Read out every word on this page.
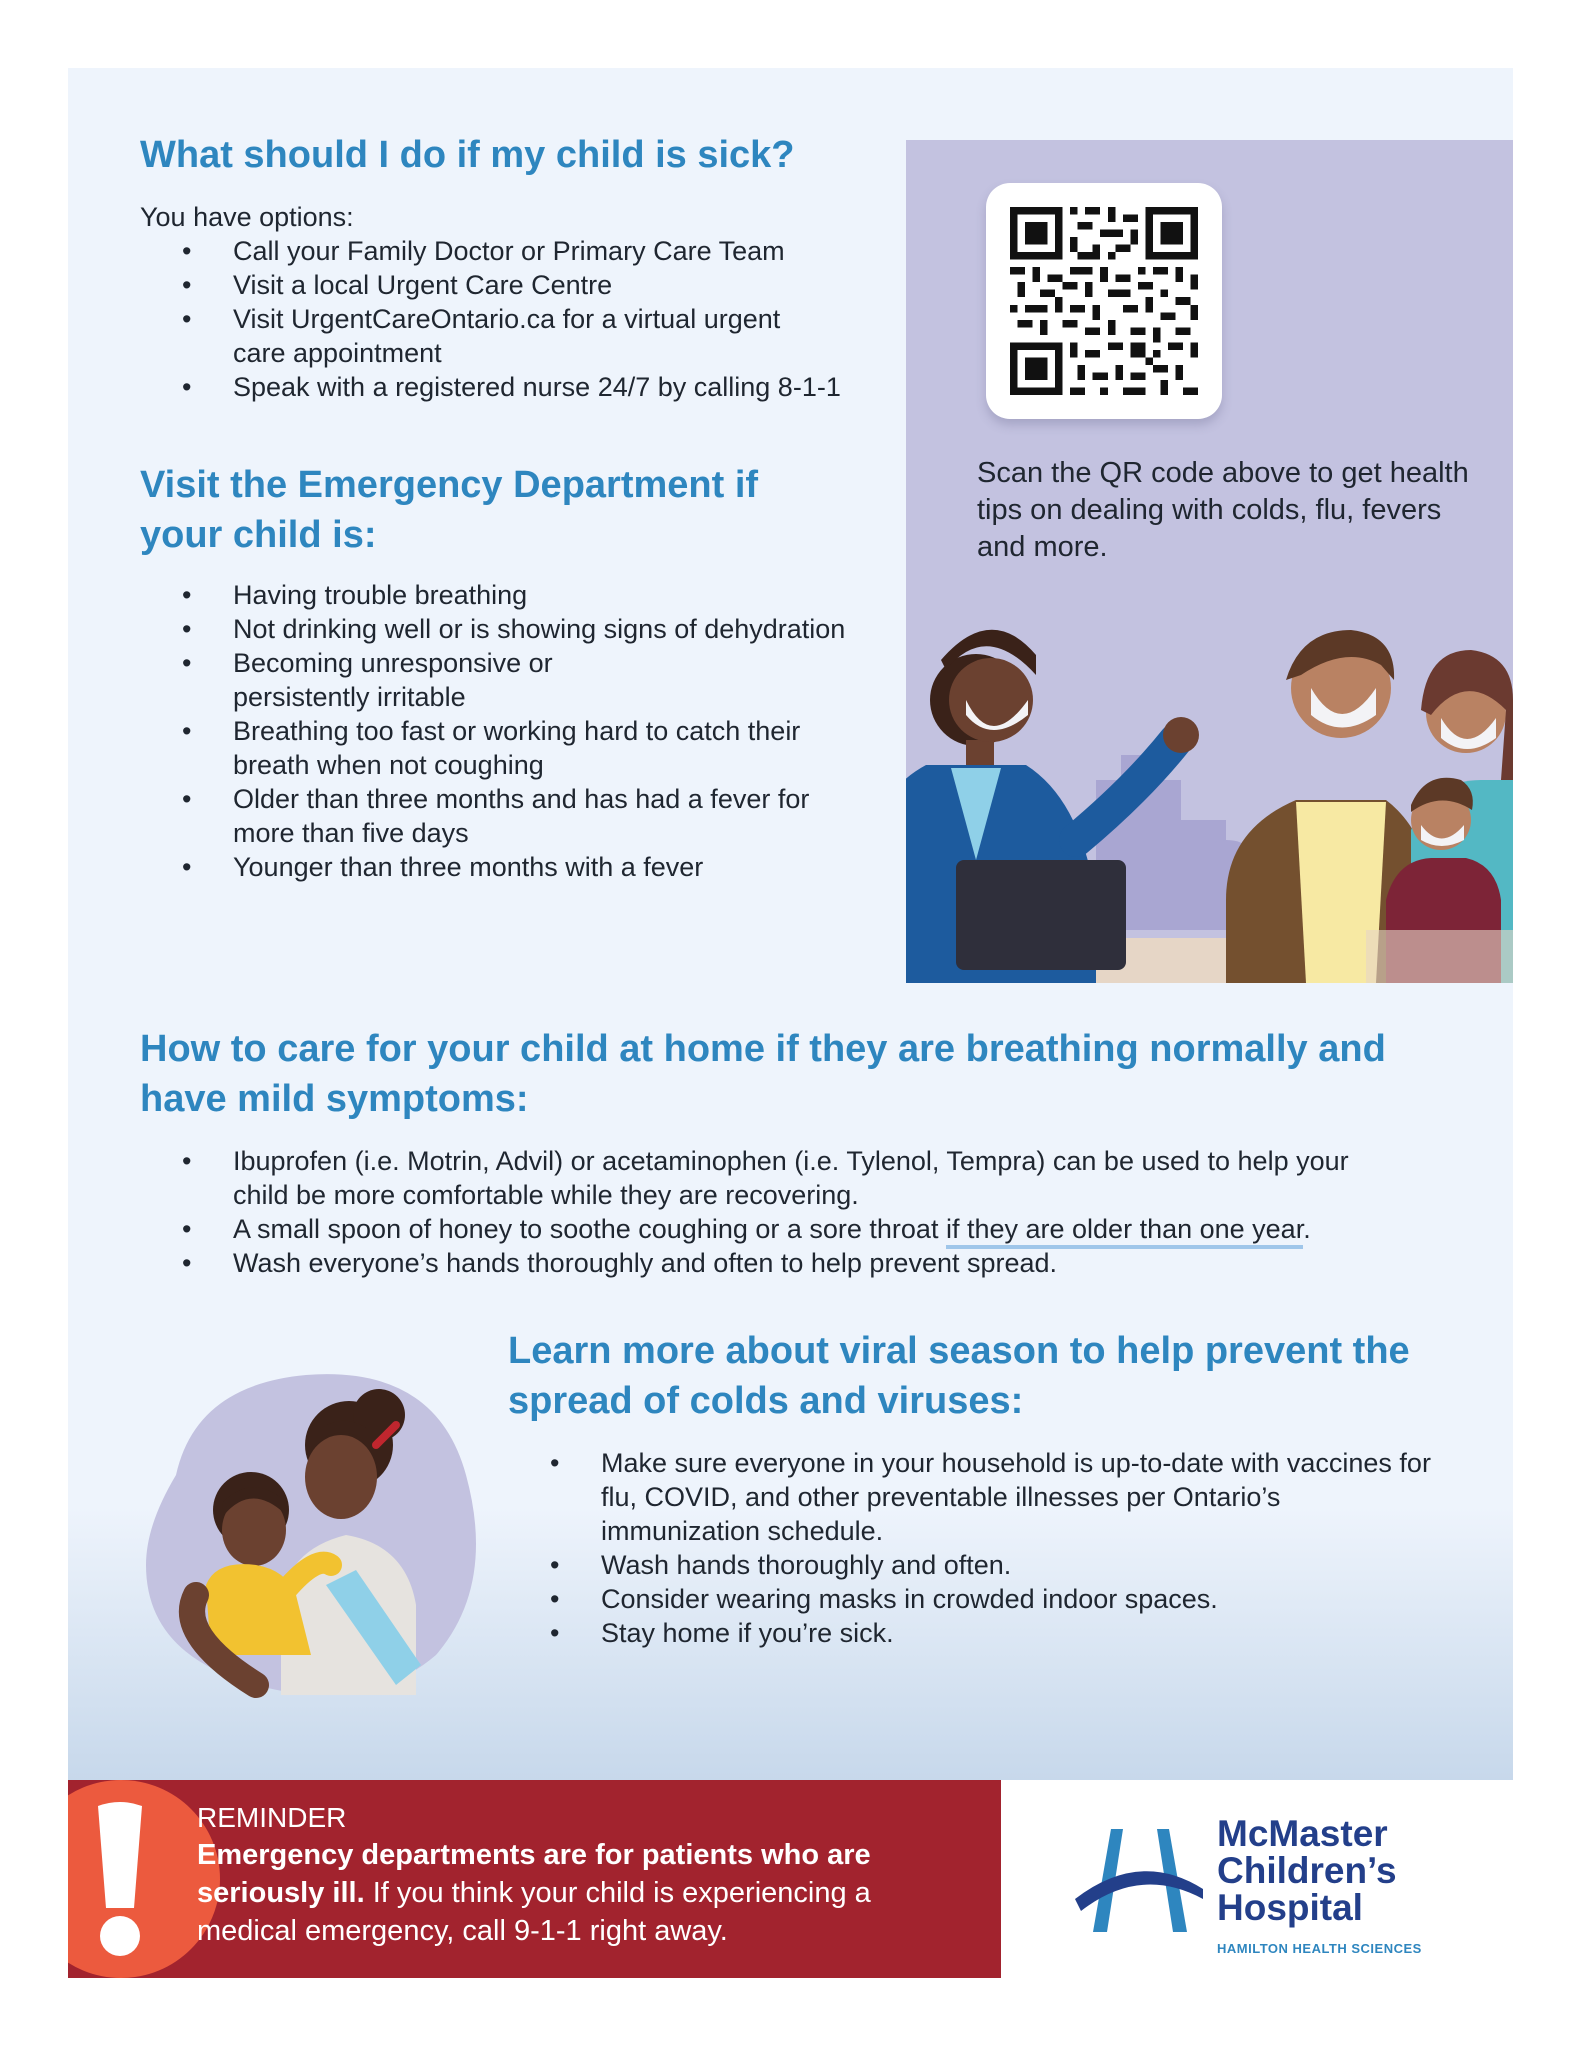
What should I do if my child is sick?

You have options:

• Call your Family Doctor or Primary Care Team
• Visit a local Urgent Care Centre
• Visit UrgentCareOntario.ca for a virtual urgent care appointment
• Speak with a registered nurse 24/7 by calling 8-1-1
Visit the Emergency Department if your child is:
• Having trouble breathing
• Not drinking well or is showing signs of dehydration
• Becoming unresponsive or persistently irritable
• Breathing too fast or working hard to catch their breath when not coughing
• Older than three months and has had a fever for more than five days
• Younger than three months with a fever

Scan the QR code above to get health tips on dealing with colds, flu, fevers and more.

How to care for your child at home if they are breathing normally and have mild symptoms:
• Ibuprofen (i.e. Motrin, Advil) or acetaminophen (i.e. Tylenol, Tempra) can be used to help your child be more comfortable while they are recovering.
• A small spoon of honey to soothe coughing or a sore throat if they are older than one year.
• Wash everyone’s hands thoroughly and often to help prevent spread.
Learn more about viral season to help prevent the spread of colds and viruses:
• Make sure everyone in your household is up-to-date with vaccines for flu, COVID, and other preventable illnesses per Ontario’s immunization schedule.
• Wash hands thoroughly and often.
• Consider wearing masks in crowded indoor spaces.
• Stay home if you’re sick.
REMINDER
Emergency departments are for patients who are seriously ill. If you think your child is experiencing a medical emergency, call 9-1-1 right away.
McMaster
Children’s
Hospital
HAMILTON HEALTH SCIENCES
